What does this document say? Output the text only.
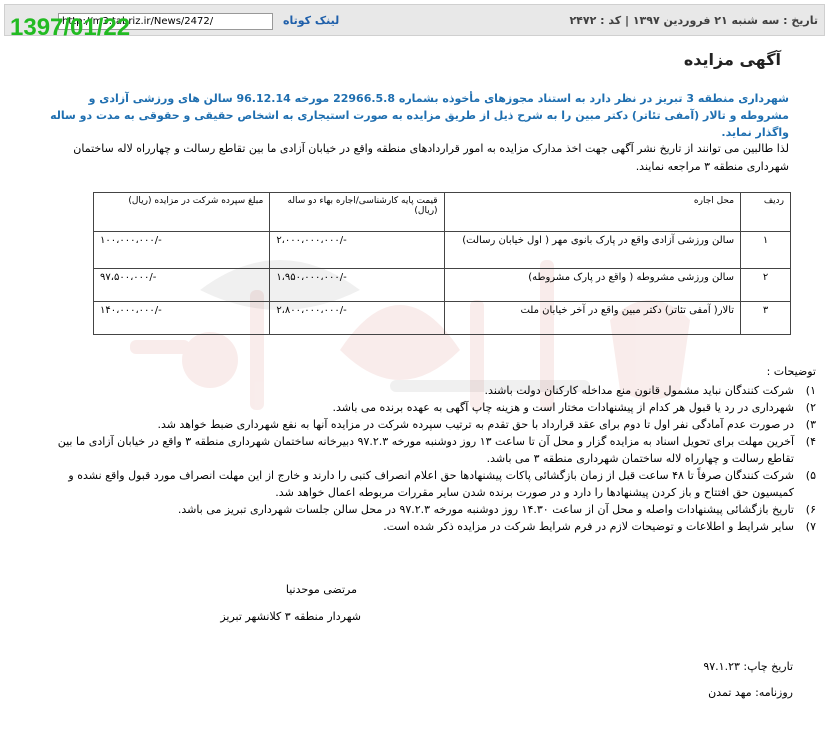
تاریخ : سه شنبه ۲۱ فروردین ۱۳۹۷ | کد : ۲۴۷۲
لینک کوتاه
http://m3.tabriz.ir/News/2472/
1397/01/22
آگهی مزایده
شهرداری منطقه 3 تبریز در نظر دارد به استناد مجوزهای مأخوذه بشماره 22966.5.8 مورخه 96.12.14 سالن های ورزشی آزادی و مشروطه و تالار (آمفی تئاتر) دکتر مبین را به شرح ذیل از طریق مزایده به صورت استیجاری به اشخاص حقیقی و حقوقی به مدت دو ساله واگذار نماید.
لذا طالبین می توانند از تاریخ نشر آگهی جهت اخذ مدارک مزایده به امور قراردادهای منطقه واقع در خیابان آزادی ما بین تقاطع رسالت و چهارراه لاله ساختمان شهرداری منطقه ۳ مراجعه نمایند.
ردیف	محل اجاره	قیمت پایه کارشناسی/اجاره بهاء دو ساله (ریال)	مبلغ سپرده شرکت در مزایده (ریال)
۱	سالن ورزشی آزادی واقع در پارک بانوی مهر ( اول خیابان رسالت)	۲،۰۰۰،۰۰۰،۰۰۰/-	۱۰۰،۰۰۰،۰۰۰/-
۲	سالن ورزشی مشروطه ( واقع در پارک مشروطه)	۱،۹۵۰،۰۰۰،۰۰۰/-	۹۷،۵۰۰،۰۰۰/-
۳	تالار( آمفی تئاتر) دکتر مبین واقع در آخر خیابان ملت	۲،۸۰۰،۰۰۰،۰۰۰/-	۱۴۰،۰۰۰،۰۰۰/-
توضیحات :
۱)
شرکت کنندگان نباید مشمول قانون منع مداخله کارکنان دولت باشند.
۲)
شهرداری در رد یا قبول هر کدام از پیشنهادات مختار است و هزینه چاپ آگهی به عهده برنده می باشد.
۳)
در صورت عدم آمادگی نفر اول تا دوم برای عقد قرارداد با حق تقدم به ترتیب سپرده شرکت در مزایده آنها به نفع شهرداری ضبط خواهد شد.
۴)
آخرین مهلت برای تحویل اسناد به مزایده گزار و محل آن تا ساعت ۱۳ روز دوشنبه مورخه ۹۷.۲.۳ دبیرخانه ساختمان شهرداری منطقه ۳ واقع در خیابان آزادی ما بین تقاطع رسالت و چهارراه لاله ساختمان شهرداری منطقه ۳ می باشد.
۵)
شرکت کنندگان صرفاً تا ۴۸ ساعت قبل از زمان بازگشائی پاکات پیشنهادها حق اعلام انصراف کتبی را دارند و خارج از این مهلت انصراف مورد قبول واقع نشده و کمیسیون حق افتتاح و باز کردن پیشنهادها را دارد و در صورت برنده شدن سایر مقررات مربوطه اعمال خواهد شد.
۶)
تاریخ بازگشائی پیشنهادات واصله و محل آن از ساعت ۱۴.۳۰ روز دوشنبه مورخه ۹۷.۲.۳ در محل سالن جلسات شهرداری تبریز می باشد.
۷)
سایر شرایط و اطلاعات و توضیحات لازم در فرم شرایط شرکت در مزایده ذکر شده است.
مرتضی موحدنیا
شهردار منطقه ۳ کلانشهر تبریز
تاریخ چاپ: ۹۷.۱.۲۳
روزنامه: مهد تمدن
